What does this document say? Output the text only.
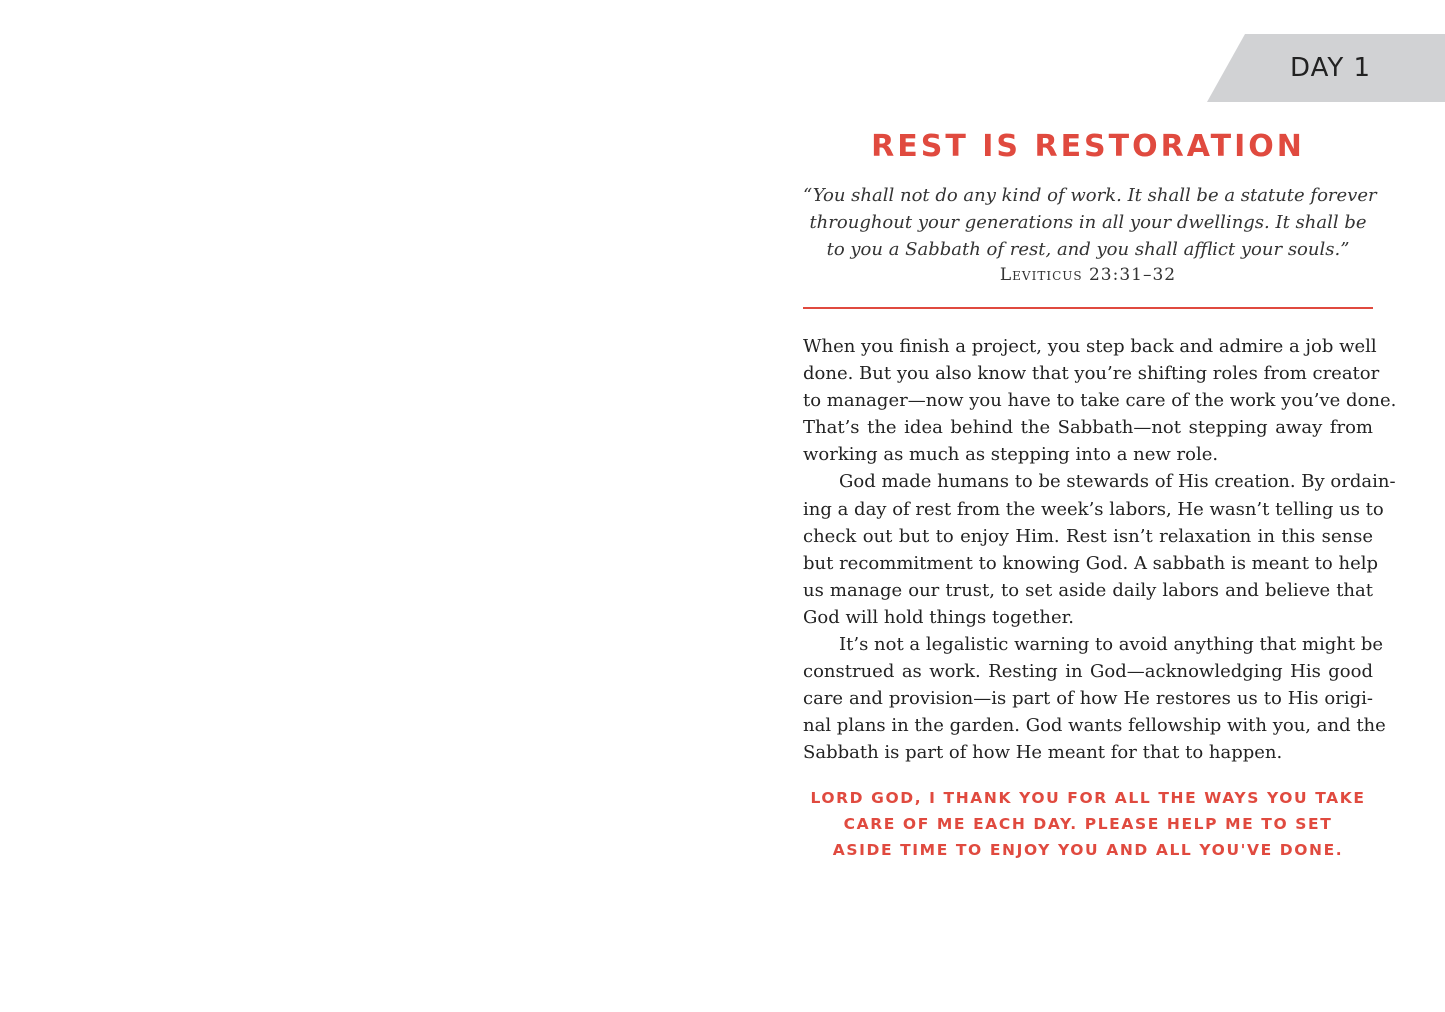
DAY 1
REST IS RESTORATION
“You shall not do any kind of work. It shall be a statute forever
throughout your generations in all your dwellings. It shall be
to you a Sabbath of rest, and you shall afflict your souls.”
Leviticus 23:31–32
When you finish a project, you step back and admire a job well
done. But you also know that you’re shifting roles from creator
to manager—now you have to take care of the work you’ve done.
That’s the idea behind the Sabbath—not stepping away from
working as much as stepping into a new role.
God made humans to be stewards of His creation. By ordain-
ing a day of rest from the week’s labors, He wasn’t telling us to
check out but to enjoy Him. Rest isn’t relaxation in this sense
but recommitment to knowing God. A sabbath is meant to help
us manage our trust, to set aside daily labors and believe that
God will hold things together.
It’s not a legalistic warning to avoid anything that might be
construed as work. Resting in God—acknowledging His good
care and provision—is part of how He restores us to His origi-
nal plans in the garden. God wants fellowship with you, and the
Sabbath is part of how He meant for that to happen.
LORD GOD, I THANK YOU FOR ALL THE WAYS YOU TAKE
CARE OF ME EACH DAY. PLEASE HELP ME TO SET
ASIDE TIME TO ENJOY YOU AND ALL YOU'VE DONE.
